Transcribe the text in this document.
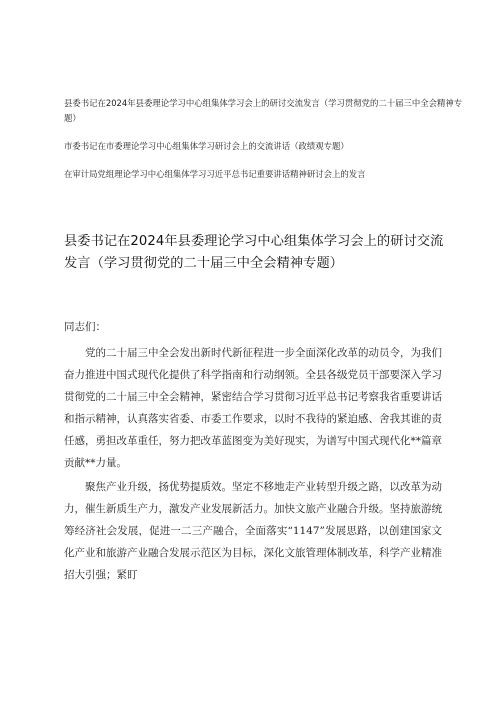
县委书记在2024年县委理论学习中心组集体学习会上的研讨交流发言（学习贯彻党的二十届三中全会精神专题）
市委书记在市委理论学习中心组集体学习研讨会上的交流讲话（政绩观专题）
在审计局党组理论学习中心组集体学习习近平总书记重要讲话精神研讨会上的发言
县委书记在2024年县委理论学习中心组集体学习会上的研讨交流发言（学习贯彻党的二十届三中全会精神专题）

同志们：

党的二十届三中全会发出新时代新征程进一步全面深化改革的动员令，为我们奋力推进中国式现代化提供了科学指南和行动纲领。全县各级党员干部要深入学习贯彻党的二十届三中全会精神，紧密结合学习贯彻习近平总书记考察我省重要讲话和指示精神，认真落实省委、市委工作要求，以时不我待的紧迫感、舍我其谁的责任感，勇担改革重任，努力把改革蓝图变为美好现实，为谱写中国式现代化**篇章贡献**力量。

聚焦产业升级，扬优势提质效。坚定不移地走产业转型升级之路，以改革为动力，催生新质生产力，激发产业发展新活力。加快文旅产业融合升级。坚持旅游统筹经济社会发展，促进一二三产融合，全面落实“1147”发展思路，以创建国家文化产业和旅游产业融合发展示范区为目标，深化文旅管理体制改革，科学产业精准招大引强；紧盯
